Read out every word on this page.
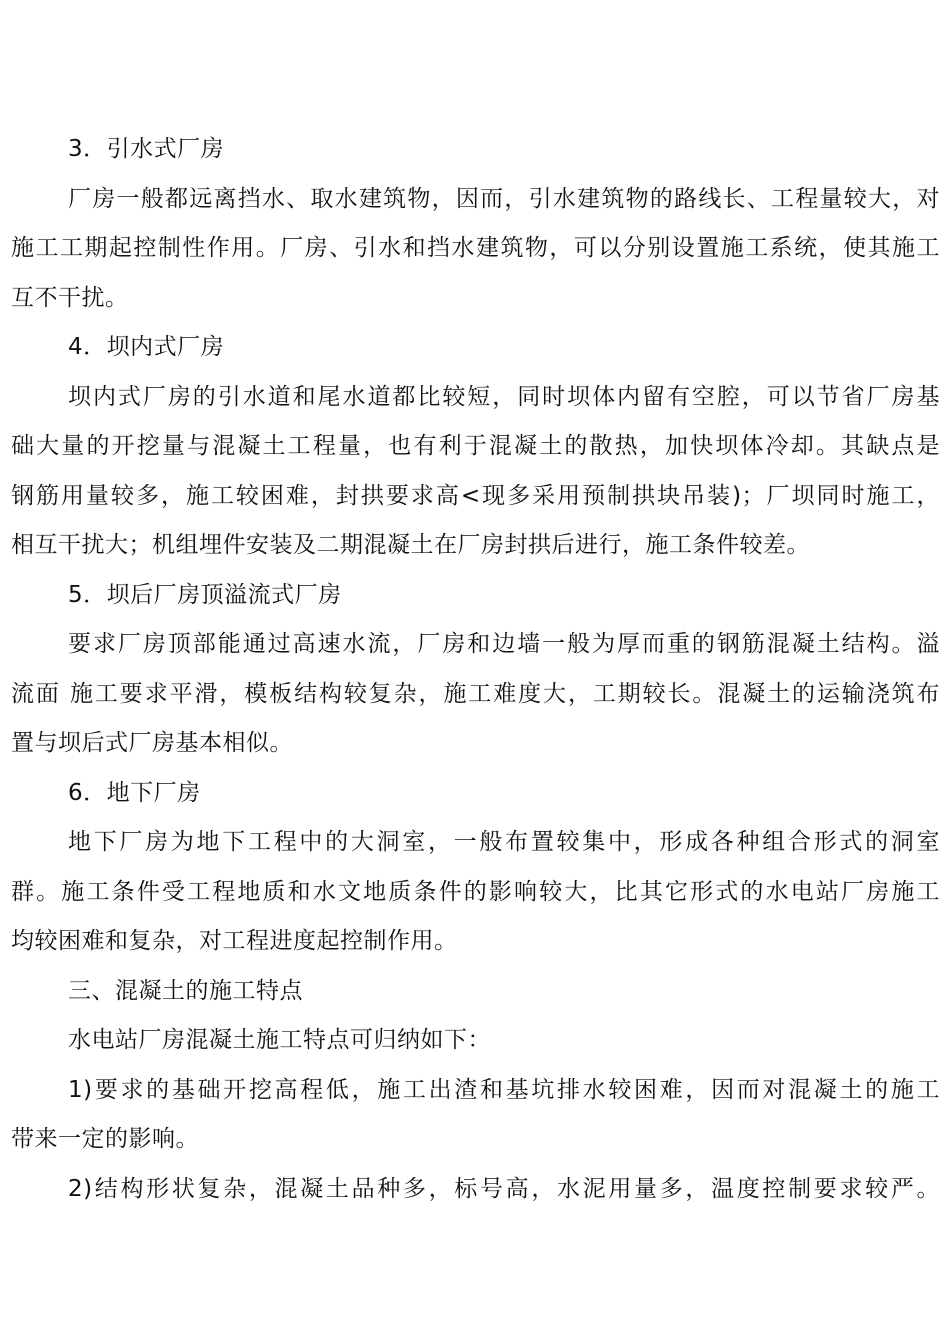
3．引水式厂房
厂房一般都远离挡水、取水建筑物，因而，引水建筑物的路线长、工程量较大，对
施工工期起控制性作用。厂房、引水和挡水建筑物，可以分别设置施工系统，使其施工
互不干扰。
4．坝内式厂房
坝内式厂房的引水道和尾水道都比较短，同时坝体内留有空腔，可以节省厂房基
础大量的开挖量与混凝土工程量，也有利于混凝土的散热，加快坝体冷却。其缺点是
钢筋用量较多，施工较困难，封拱要求高<现多采用预制拱块吊装)；厂坝同时施工，
相互干扰大；机组埋件安装及二期混凝土在厂房封拱后进行，施工条件较差。
5．坝后厂房顶溢流式厂房
要求厂房顶部能通过高速水流，厂房和边墙一般为厚而重的钢筋混凝土结构。溢
流面 施工要求平滑，模板结构较复杂，施工难度大，工期较长。混凝土的运输浇筑布
置与坝后式厂房基本相似。
6．地下厂房
地下厂房为地下工程中的大洞室，一般布置较集中，形成各种组合形式的洞室
群。施工条件受工程地质和水文地质条件的影响较大，比其它形式的水电站厂房施工
均较困难和复杂，对工程进度起控制作用。
三、混凝土的施工特点
水电站厂房混凝土施工特点可归纳如下：
1)要求的基础开挖高程低，施工出渣和基坑排水较困难，因而对混凝土的施工
带来一定的影响。
2)结构形状复杂，混凝土品种多，标号高，水泥用量多，温度控制要求较严。
